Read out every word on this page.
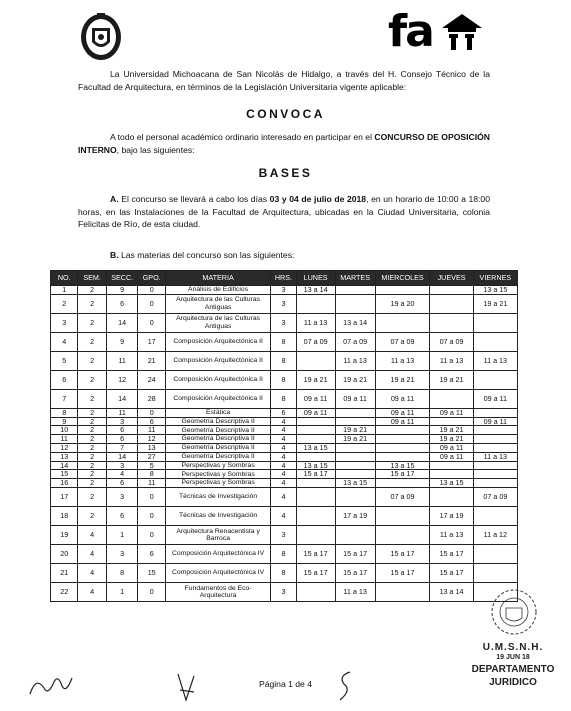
fa

La Universidad Michoacana de San Nicolás de Hidalgo, a través del H. Consejo Técnico de la Facultad de Arquitectura, en términos de la Legislación Universitaria vigente aplicable:

CONVOCA

A todo el personal académico ordinario interesado en participar en el CONCURSO DE OPOSICIÓN INTERNO, bajo las siguientes:

BASES

A. El concurso se llevará a cabo los días 03 y 04 de julio de 2018, en un horario de 10:00 a 18:00 horas, en las Instalaciones de la Facultad de Arquitectura, ubicadas en la Ciudad Universitaria, colonia Felicitas de Río, de esta ciudad.

B. Las materias del concurso son las siguientes:

NO.	SEM.	SECC.	GPO.	MATERIA	HRS.	LUNES	MARTES	MIERCOLES	JUEVES	VIERNES
1	2	9	0	Análisis de Edificios	3	13 a 14				13 a 15
2	2	6	0	Arquitectura de las Culturas Antiguas	3			19 a 20		19 a 21
3	2	14	0	Arquitectura de las Culturas Antiguas	3	11 a 13	13 a 14			
4	2	9	17	Composición Arquitectónica II	8	07 a 09	07 a 09	07 a 09	07 a 09	
5	2	11	21	Composición Arquitectónica II	8		11 a 13	11 a 13	11 a 13	11 a 13
6	2	12	24	Composición Arquitectónica II	8	19 a 21	19 a 21	19 a 21	19 a 21	
7	2	14	28	Composición Arquitectónica II	8	09 a 11	09 a 11	09 a 11		09 a 11
8	2	11	0	Estática	6	09 a 11		09 a 11	09 a 11	
9	2	3	6	Geometría Descriptiva II	4			09 a 11		09 a 11
10	2	6	11	Geometría Descriptiva II	4		19 a 21		19 a 21	
11	2	6	12	Geometría Descriptiva II	4		19 a 21		19 a 21	
12	2	7	13	Geometría Descriptiva II	4	13 a 15			09 a 11	
13	2	14	27	Geometría Descriptiva II	4				09 a 11	11 a 13
14	2	3	5	Perspectivas y Sombras	4	13 a 15		13 a 15		
15	2	4	8	Perspectivas y Sombras	4	15 a 17		15 a 17		
16	2	6	11	Perspectivas y Sombras	4		13 a 15		13 a 15	
17	2	3	0	Técnicas de Investigación	4			07 a 09		07 a 09
18	2	6	0	Técnicas de Investigación	4		17 a 19		17 a 19	
19	4	1	0	Arquitectura Renacentista y Barroca	3				11 a 13	11 a 12
20	4	3	6	Composición Arquitectónica IV	8	15 a 17	15 a 17	15 a 17	15 a 17	
21	4	8	15	Composición Arquitectónica IV	8	15 a 17	15 a 17	15 a 17	15 a 17	
22	4	1	0	Fundamentos de Eco-Arquitectura	3		11 a 13		13 a 14	

Página 1 de 4

U.M.S.N.H.

19 JUN 18

DEPARTAMENTO

JURIDICO
